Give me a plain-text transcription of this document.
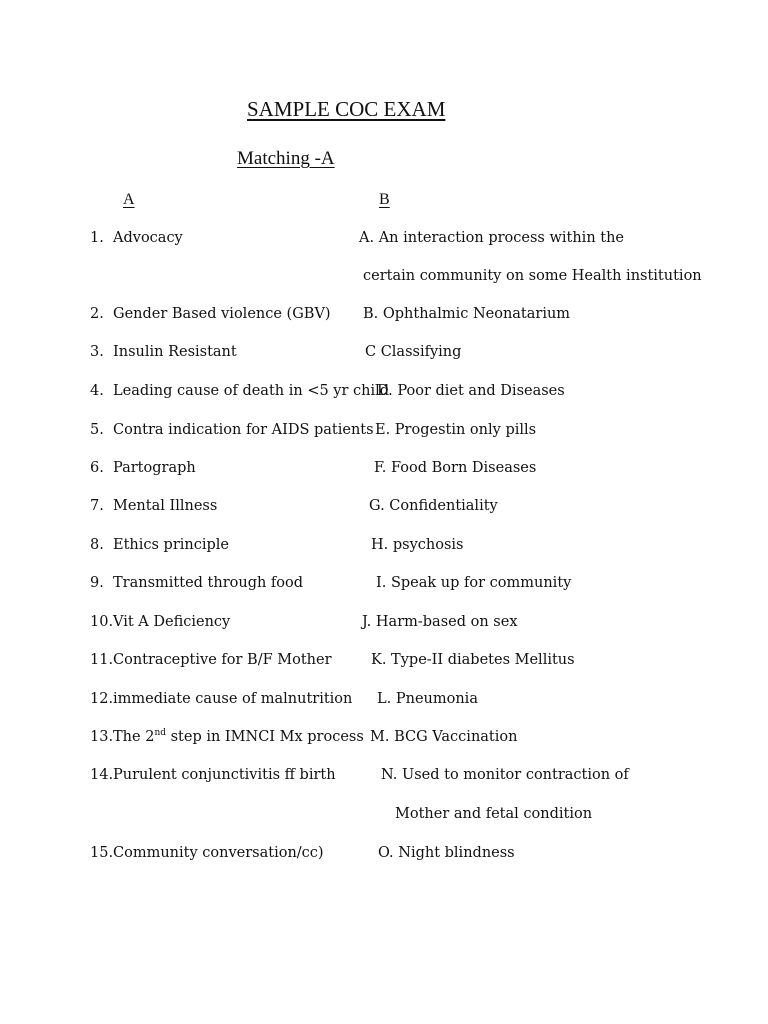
SAMPLE COC EXAM
Matching -A
A	B
1. Advocacy	A. An interaction process within the
certain community on some Health institution
2. Gender Based violence (GBV) B. Ophthalmic Neonatarium
3. Insulin Resistant	C Classifying
4. Leading cause of death in <5 yr child
D. Poor diet and Diseases
5. Contra indication for AIDS patients E. Progestin only pills
6. Partograph	F. Food Born Diseases
7. Mental Illness	G. Confidentiality
8. Ethics principle	H. psychosis
9. Transmitted through food	I. Speak up for community
10. Vit A Deficiency	J. Harm-based on sex
11. Contraceptive for B/F Mother	K. Type-II diabetes Mellitus
12. immediate cause of malnutrition L. Pneumonia
13. The 2nd step in IMNCI Mx process M. BCG Vaccination
14. Purulent conjunctivitis ff birth	N. Used to monitor contraction of
Mother and fetal condition
15. Community conversation/cc)	O. Night blindness
